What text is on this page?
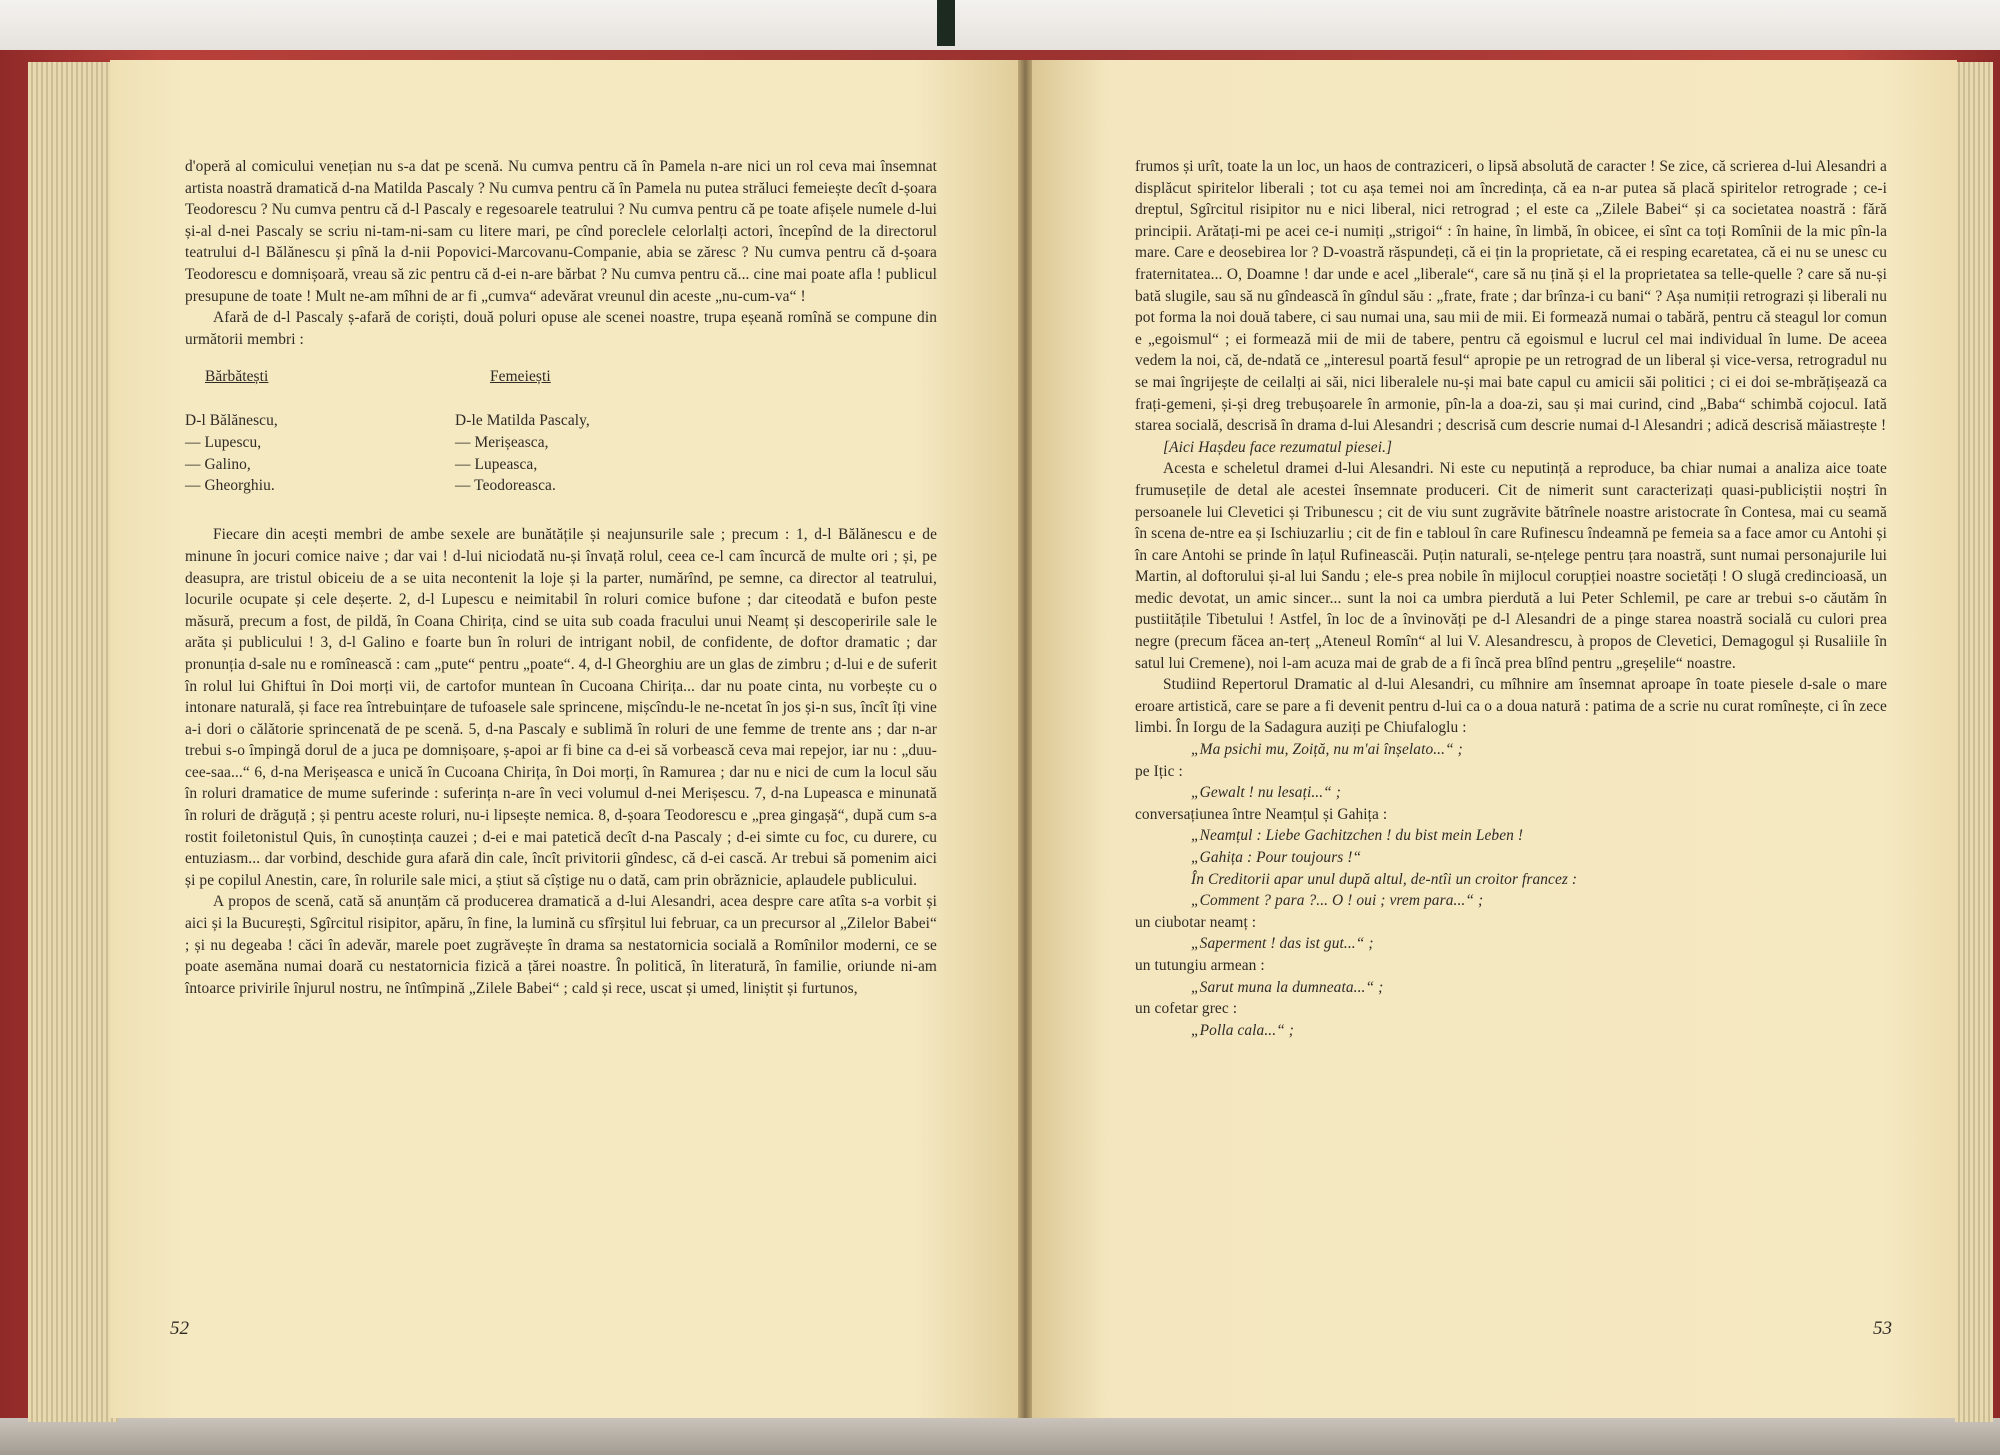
d'operă al comicului venețian nu s-a dat pe scenă. Nu cumva pentru că în Pamela n-are nici un rol ceva mai însemnat artista noastră dramatică d-na Matilda Pascaly ? Nu cumva pentru că în Pamela nu putea străluci femeiește decît d-șoara Teodorescu ? Nu cumva pentru că d-l Pascaly e regesoarele teatrului ? Nu cumva pentru că pe toate afișele numele d-lui și-al d-nei Pascaly se scriu ni-tam-ni-sam cu litere mari, pe cînd poreclele celorlalți actori, începînd de la directorul teatrului d-l Bălănescu și pînă la d-nii Popovici-Marcovanu-Companie, abia se zăresc ? Nu cumva pentru că d-șoara Teodorescu e domnișoară, vreau să zic pentru că d-ei n-are bărbat ? Nu cumva pentru că... cine mai poate afla ! publicul presupune de toate ! Mult ne-am mîhni de ar fi „cumva“ adevărat vreunul din aceste „nu-cum-va“ !

Afară de d-l Pascaly ș-afară de coriști, două poluri opuse ale scenei noastre, trupa eșeană romînă se compune din următorii membri :

Bărbătești	Femeiești
D-l Bălănescu,
— Lupescu,
— Galino,
— Gheorghiu.
D-le Matilda Pascaly,
— Merișeasca,
— Lupeasca,
— Teodoreasca.

Fiecare din acești membri de ambe sexele are bunătățile și neajunsurile sale ; precum : 1, d-l Bălănescu e de minune în jocuri comice naive ; dar vai ! d-lui niciodată nu-și învață rolul, ceea ce-l cam încurcă de multe ori ; și, pe deasupra, are tristul obiceiu de a se uita necontenit la loje și la parter, numărînd, pe semne, ca director al teatrului, locurile ocupate și cele deșerte. 2, d-l Lupescu e neimitabil în roluri comice bufone ; dar citeodată e bufon peste măsură, precum a fost, de pildă, în Coana Chirița, cind se uita sub coada fracului unui Neamț și descoperirile sale le arăta și publicului ! 3, d-l Galino e foarte bun în roluri de intrigant nobil, de confidente, de doftor dramatic ; dar pronunția d-sale nu e romînească : cam „pute“ pentru „poate“. 4, d-l Gheorghiu are un glas de zimbru ; d-lui e de suferit în rolul lui Ghiftui în Doi morți vii, de cartofor muntean în Cucoana Chirița... dar nu poate cinta, nu vorbește cu o intonare naturală, și face rea întrebuințare de tufoasele sale sprincene, mișcîndu-le ne-ncetat în jos și-n sus, încît îți vine a-i dori o călătorie sprincenată de pe scenă. 5, d-na Pascaly e sublimă în roluri de une femme de trente ans ; dar n-ar trebui s-o împingă dorul de a juca pe domnișoare, ș-apoi ar fi bine ca d-ei să vorbească ceva mai repejor, iar nu : „duu-cee-saa...“ 6, d-na Merișeasca e unică în Cucoana Chirița, în Doi morți, în Ramurea ; dar nu e nici de cum la locul său în roluri dramatice de mume suferinde : suferința n-are în veci volumul d-nei Merișescu. 7, d-na Lupeasca e minunată în roluri de drăguță ; și pentru aceste roluri, nu-i lipsește nemica. 8, d-șoara Teodorescu e „prea gingașă“, după cum s-a rostit foiletonistul Quis, în cunoștința cauzei ; d-ei e mai patetică decît d-na Pascaly ; d-ei simte cu foc, cu durere, cu entuziasm... dar vorbind, deschide gura afară din cale, încît privitorii gîndesc, că d-ei cască. Ar trebui să pomenim aici și pe copilul Anestin, care, în rolurile sale mici, a știut să cîștige nu o dată, cam prin obrăznicie, aplaudele publicului.

A propos de scenă, cată să anunțăm că producerea dramatică a d-lui Alesandri, acea despre care atîta s-a vorbit și aici și la București, Sgîrcitul risipitor, apăru, în fine, la lumină cu sfîrșitul lui februar, ca un precursor al „Zilelor Babei“ ; și nu degeaba ! căci în adevăr, marele poet zugrăvește în drama sa nestatornicia socială a Romînilor moderni, ce se poate asemăna numai doară cu nestatornicia fizică a țărei noastre. În politică, în literatură, în familie, oriunde ni-am întoarce privirile înjurul nostru, ne întîmpină „Zilele Babei“ ; cald și rece, uscat și umed, liniștit și furtunos,

52

frumos și urît, toate la un loc, un haos de contraziceri, o lipsă absolută de caracter ! Se zice, că scrierea d-lui Alesandri a displăcut spiritelor liberali ; tot cu așa temei noi am încredința, că ea n-ar putea să placă spiritelor retrograde ; ce-i dreptul, Sgîrcitul risipitor nu e nici liberal, nici retrograd ; el este ca „Zilele Babei“ și ca societatea noastră : fără principii. Arătați-mi pe acei ce-i numiți „strigoi“ : în haine, în limbă, în obicee, ei sînt ca toți Romînii de la mic pîn-la mare. Care e deosebirea lor ? D-voastră răspundeți, că ei țin la proprietate, că ei resping ecaretatea, că ei nu se unesc cu fraternitatea... O, Doamne ! dar unde e acel „liberale“, care să nu țină și el la proprietatea sa telle-quelle ? care să nu-și bată slugile, sau să nu gîndească în gîndul său : „frate, frate ; dar brînza-i cu bani“ ? Așa numiții retrograzi și liberali nu pot forma la noi două tabere, ci sau numai una, sau mii de mii. Ei formează numai o tabără, pentru că steagul lor comun e „egoismul“ ; ei formează mii de mii de tabere, pentru că egoismul e lucrul cel mai individual în lume. De aceea vedem la noi, că, de-ndată ce „interesul poartă fesul“ apropie pe un retrograd de un liberal și vice-versa, retrogradul nu se mai îngrijește de ceilalți ai săi, nici liberalele nu-și mai bate capul cu amicii săi politici ; ci ei doi se-mbrățișează ca frați-gemeni, și-și dreg trebușoarele în armonie, pîn-la a doa-zi, sau și mai curind, cind „Baba“ schimbă cojocul. Iată starea socială, descrisă în drama d-lui Alesandri ; descrisă cum descrie numai d-l Alesandri ; adică descrisă măiastrește !

[Aici Hașdeu face rezumatul piesei.]

Acesta e scheletul dramei d-lui Alesandri. Ni este cu neputință a reproduce, ba chiar numai a analiza aice toate frumusețile de detal ale acestei însemnate produceri. Cit de nimerit sunt caracterizați quasi-publiciștii noștri în persoanele lui Clevetici și Tribunescu ; cit de viu sunt zugrăvite bătrînele noastre aristocrate în Contesa, mai cu seamă în scena de-ntre ea și Ischiuzarliu ; cit de fin e tabloul în care Rufinescu îndeamnă pe femeia sa a face amor cu Antohi și în care Antohi se prinde în lațul Rufineascăi. Puțin naturali, se-nțelege pentru țara noastră, sunt numai personajurile lui Martin, al doftorului și-al lui Sandu ; ele-s prea nobile în mijlocul corupției noastre societăți ! O slugă credincioasă, un medic devotat, un amic sincer... sunt la noi ca umbra pierdută a lui Peter Schlemil, pe care ar trebui s-o căutăm în pustiitățile Tibetului ! Astfel, în loc de a învinovăți pe d-l Alesandri de a pinge starea noastră socială cu culori prea negre (precum făcea an-terț „Ateneul Romîn“ al lui V. Alesandrescu, à propos de Clevetici, Demagogul și Rusaliile în satul lui Cremene), noi l-am acuza mai de grab de a fi încă prea blînd pentru „greșelile“ noastre.

Studiind Repertorul Dramatic al d-lui Alesandri, cu mîhnire am însemnat aproape în toate piesele d-sale o mare eroare artistică, care se pare a fi devenit pentru d-lui ca o a doua natură : patima de a scrie nu curat romînește, ci în zece limbi. În Iorgu de la Sadagura auziți pe Chiufaloglu :

„Ma psichi mu, Zoiță, nu m'ai înșelato...“ ;

pe Ițic :

„Gewalt ! nu lesați...“ ;

conversațiunea între Neamțul și Gahița :

„Neamțul : Liebe Gachitzchen ! du bist mein Leben !

„Gahița : Pour toujours !“

În Creditorii apar unul după altul, de-ntîi un croitor francez :

„Comment ? para ?... O ! oui ; vrem para...“ ;

un ciubotar neamț :

„Saperment ! das ist gut...“ ;

un tutungiu armean :

„Sarut muna la dumneata...“ ;

un cofetar grec :

„Polla cala...“ ;

53
